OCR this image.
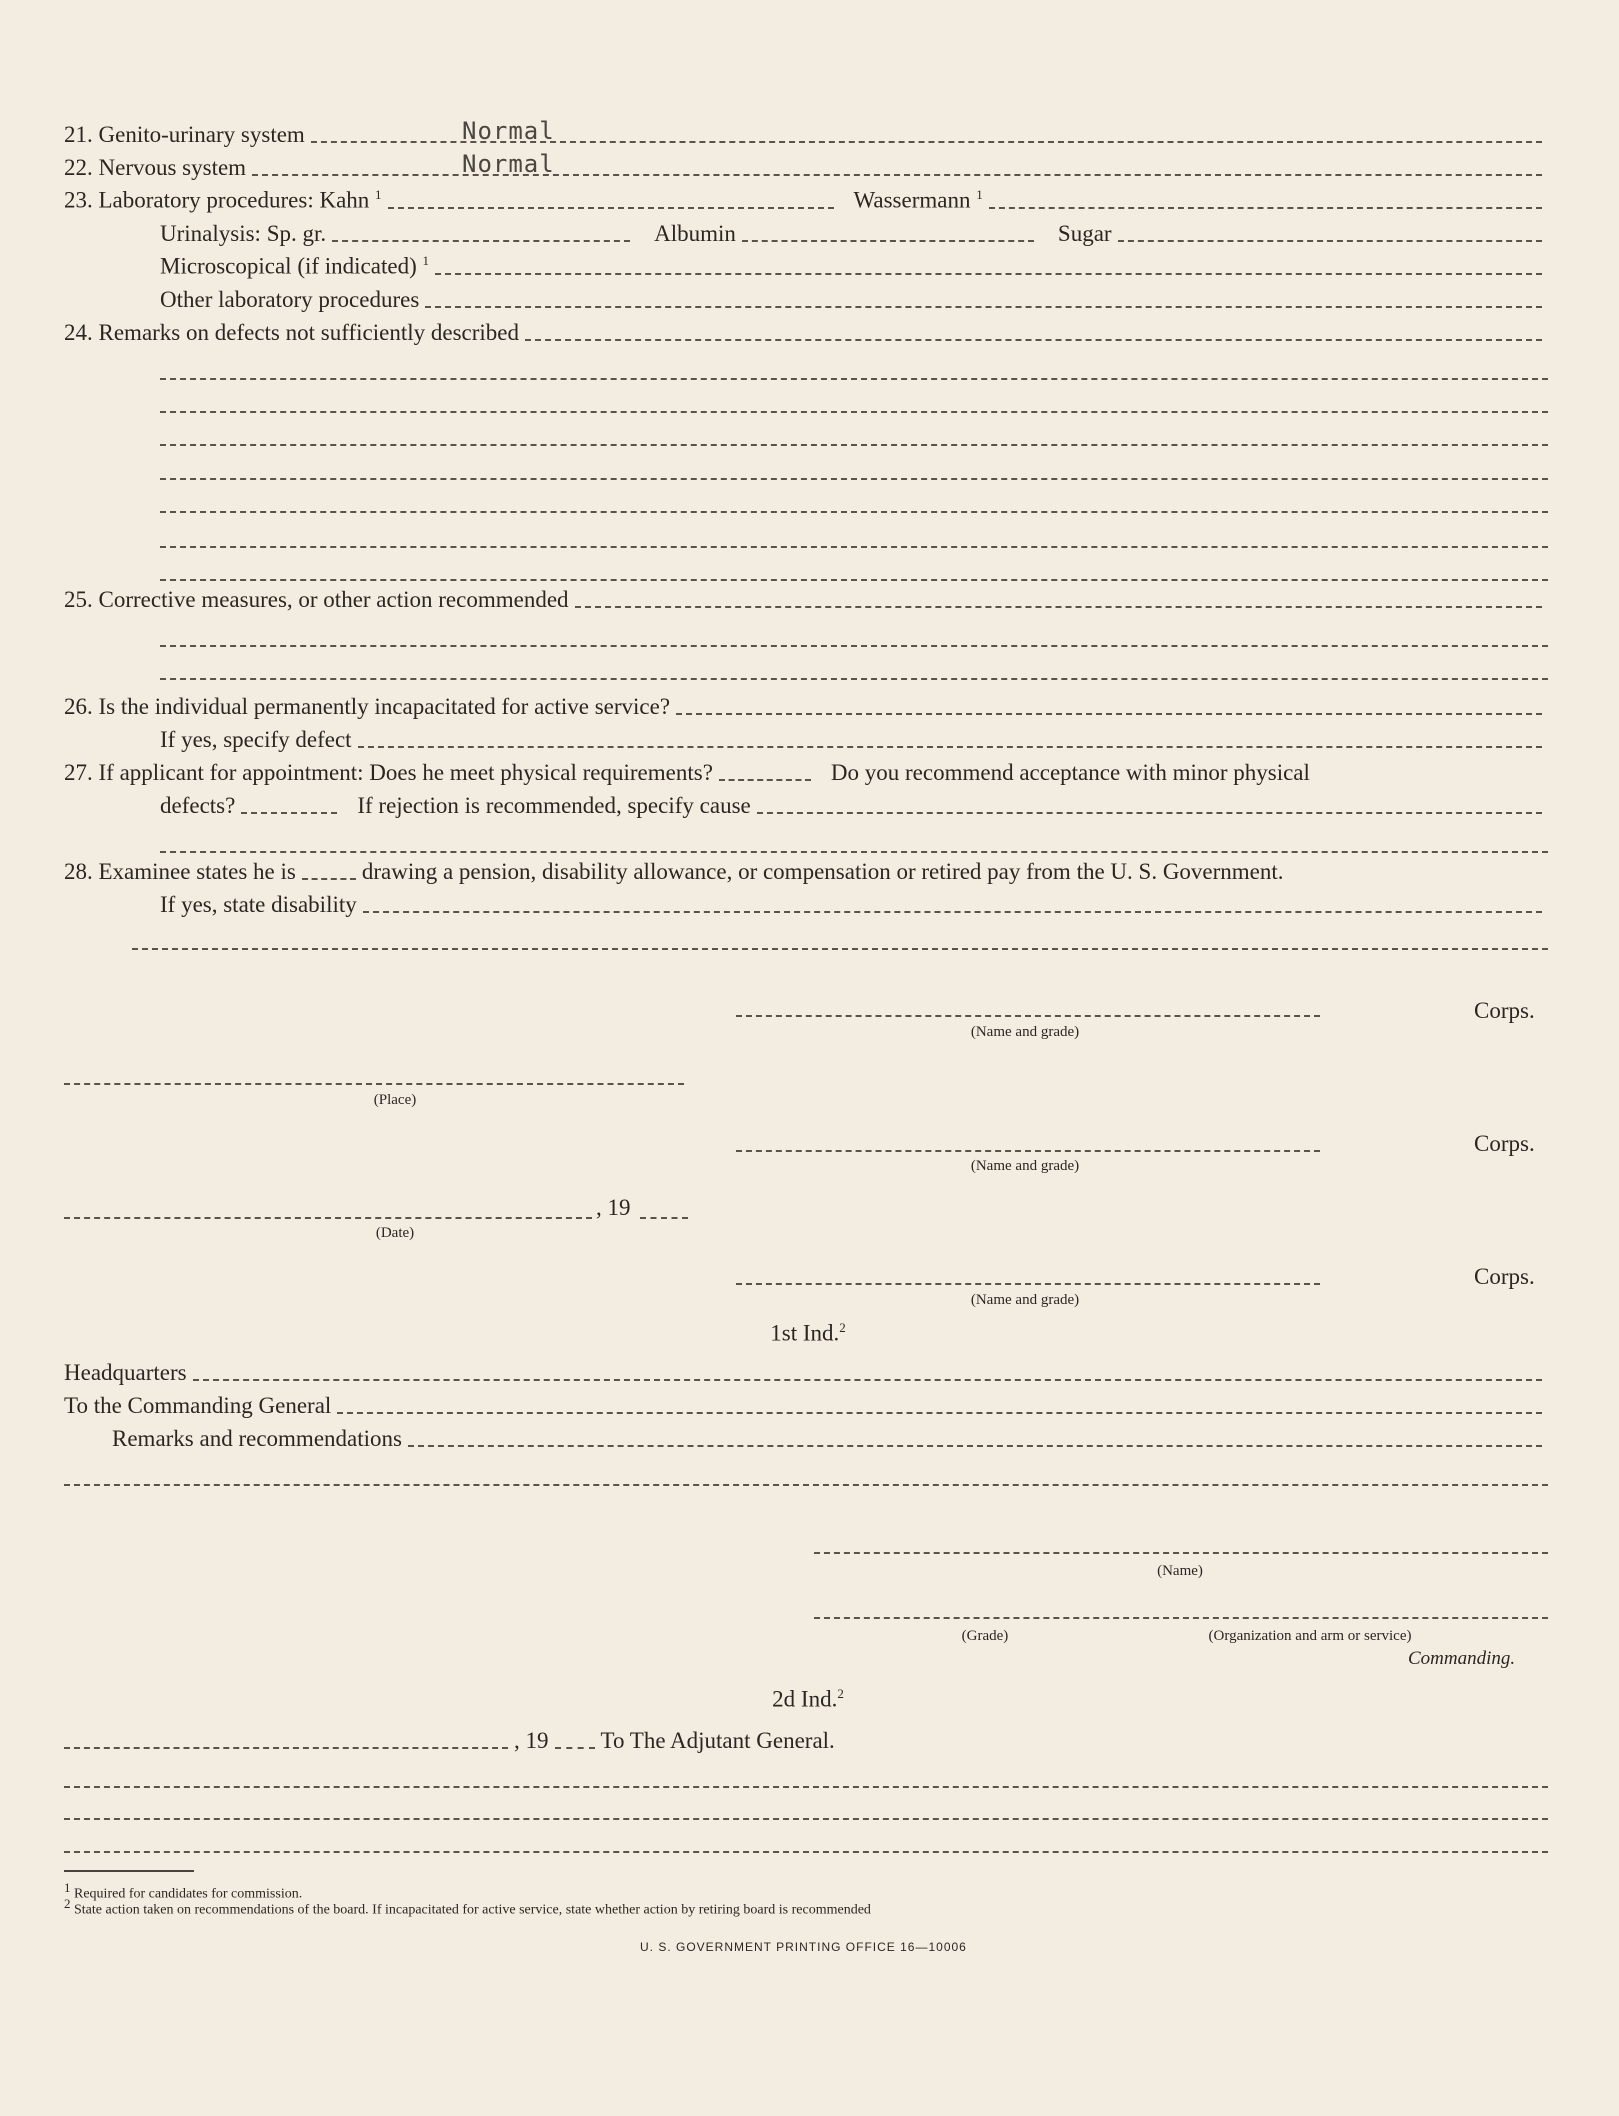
21. Genito-urinary system	Normal
22. Nervous system	Normal
23. Laboratory procedures: Kahn $^1$	Wassermann $^1$
Urinalysis: Sp. gr.	Albumin	Sugar
Microscopical (if indicated) $^1$
Other laboratory procedures
24. Remarks on defects not sufficiently described
25. Corrective measures, or other action recommended
26. Is the individual permanently incapacitated for active service?
If yes, specify defect
27. If applicant for appointment: Does he meet physical requirements?	Do you recommend acceptance with minor physical
defects?	If rejection is recommended, specify cause
28. Examinee states he is	drawing a pension, disability allowance, or compensation or retired pay from the U. S. Government.
If yes, state disability
(Name and grade)
Corps.
(Place)
(Name and grade)
Corps.
, 19
(Date)
(Name and grade)
Corps.
1st Ind.$^2$
Headquarters
To the Commanding General
Remarks and recommendations
(Name)
(Grade)	(Organization and arm or service)
Commanding.
2d Ind.$^2$
, 19 To The Adjutant General.
$^1$ Required for candidates for commission.
$^2$ State action taken on recommendations of the board. If incapacitated for active service, state whether action by retiring board is recommended
U. S. GOVERNMENT PRINTING OFFICE 16—10006
